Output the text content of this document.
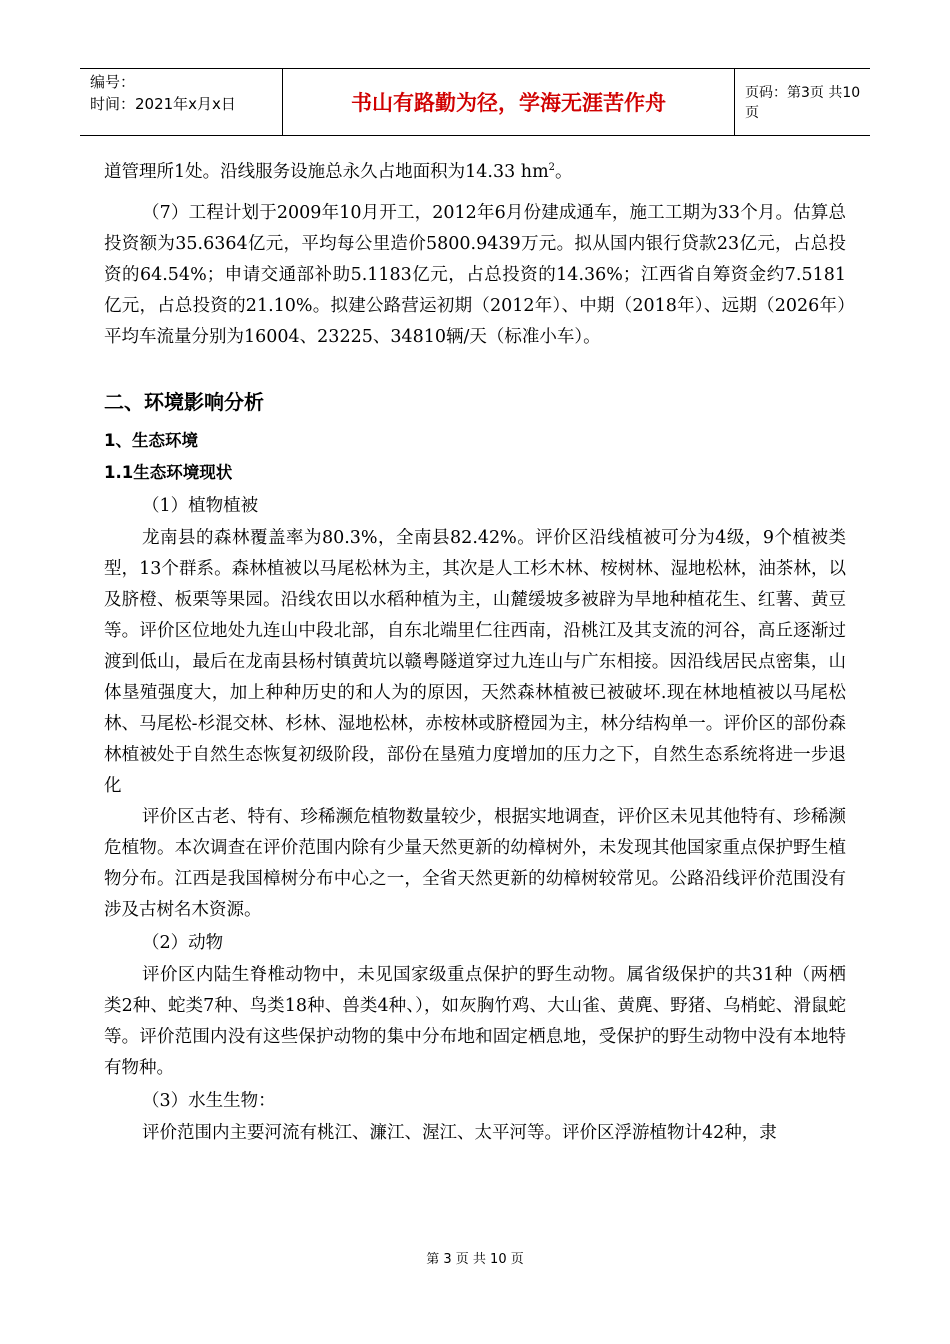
编号：
时间：2021年x月x日	书山有路勤为径，学海无涯苦作舟	页码：第3页 共10页

道管理所1处。沿线服务设施总永久占地面积为14.33 $hm^2$。

（7）工程计划于2009年10月开工，2012年6月份建成通车，施工工期为33个月。估算总投资额为35.6364亿元，平均每公里造价5800.9439万元。拟从国内银行贷款23亿元，占总投资的64.54%；申请交通部补助5.1183亿元，占总投资的14.36%；江西省自筹资金约7.5181亿元，占总投资的21.10%。拟建公路营运初期（2012年）、中期（2018年）、远期（2026年）平均车流量分别为16004、23225、34810辆/天（标准小车）。

二、环境影响分析
1、生态环境
1.1生态环境现状

（1）植物植被

龙南县的森林覆盖率为80.3%，全南县82.42%。评价区沿线植被可分为4级，9个植被类型，13个群系。森林植被以马尾松林为主，其次是人工杉木林、桉树林、湿地松林，油茶林，以及脐橙、板栗等果园。沿线农田以水稻种植为主，山麓缓坡多被辟为旱地种植花生、红薯、黄豆等。评价区位地处九连山中段北部，自东北端里仁往西南，沿桃江及其支流的河谷，高丘逐渐过渡到低山，最后在龙南县杨村镇黄坑以赣粤隧道穿过九连山与广东相接。因沿线居民点密集，山体垦殖强度大，加上种种历史的和人为的原因，天然森林植被已被破坏.现在林地植被以马尾松林、马尾松-杉混交林、杉林、湿地松林，赤桉林或脐橙园为主，林分结构单一。评价区的部份森林植被处于自然生态恢复初级阶段，部份在垦殖力度增加的压力之下，自然生态系统将进一步退化

评价区古老、特有、珍稀濒危植物数量较少，根据实地调查，评价区未见其他特有、珍稀濒危植物。本次调查在评价范围内除有少量天然更新的幼樟树外，未发现其他国家重点保护野生植物分布。江西是我国樟树分布中心之一，全省天然更新的幼樟树较常见。公路沿线评价范围没有涉及古树名木资源。

（2）动物

评价区内陆生脊椎动物中，未见国家级重点保护的野生动物。属省级保护的共31种（两栖类2种、蛇类7种、鸟类18种、兽类4种、），如灰胸竹鸡、大山雀、黄麂、野猪、乌梢蛇、滑鼠蛇等。评价范围内没有这些保护动物的集中分布地和固定栖息地，受保护的野生动物中没有本地特有物种。

（3）水生生物：

评价范围内主要河流有桃江、濂江、渥江、太平河等。评价区浮游植物计42种，隶

第 3 页 共 10 页
